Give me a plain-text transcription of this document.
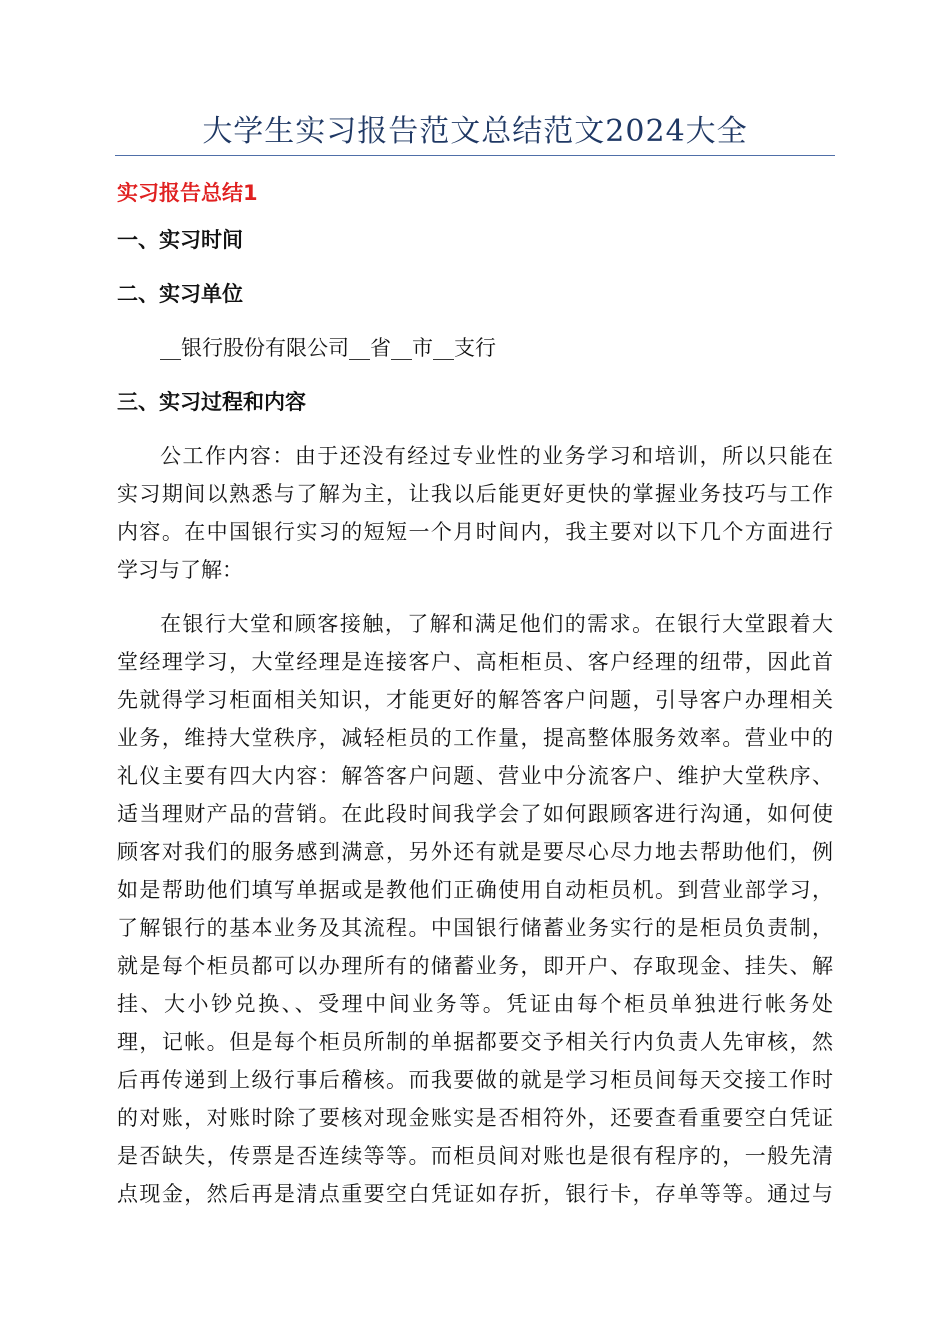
大学生实习报告范文总结范文2024大全
实习报告总结1
一、实习时间
二、实习单位
__银行股份有限公司__省__市__支行
三、实习过程和内容
公工作内容：由于还没有经过专业性的业务学习和培训，所以只能在
实习期间以熟悉与了解为主，让我以后能更好更快的掌握业务技巧与工作
内容。在中国银行实习的短短一个月时间内，我主要对以下几个方面进行
学习与了解：
在银行大堂和顾客接触，了解和满足他们的需求。在银行大堂跟着大
堂经理学习，大堂经理是连接客户、高柜柜员、客户经理的纽带，因此首
先就得学习柜面相关知识，才能更好的解答客户问题，引导客户办理相关
业务，维持大堂秩序，减轻柜员的工作量，提高整体服务效率。营业中的
礼仪主要有四大内容：解答客户问题、营业中分流客户、维护大堂秩序、
适当理财产品的营销。在此段时间我学会了如何跟顾客进行沟通，如何使
顾客对我们的服务感到满意，另外还有就是要尽心尽力地去帮助他们，例
如是帮助他们填写单据或是教他们正确使用自动柜员机。到营业部学习，
了解银行的基本业务及其流程。中国银行储蓄业务实行的是柜员负责制，
就是每个柜员都可以办理所有的储蓄业务，即开户、存取现金、挂失、解
挂、大小钞兑换、、受理中间业务等。凭证由每个柜员单独进行帐务处
理，记帐。但是每个柜员所制的单据都要交予相关行内负责人先审核，然
后再传递到上级行事后稽核。而我要做的就是学习柜员间每天交接工作时
的对账，对账时除了要核对现金账实是否相符外，还要查看重要空白凭证
是否缺失，传票是否连续等等。而柜员间对账也是很有程序的，一般先清
点现金，然后再是清点重要空白凭证如存折，银行卡，存单等等。通过与
